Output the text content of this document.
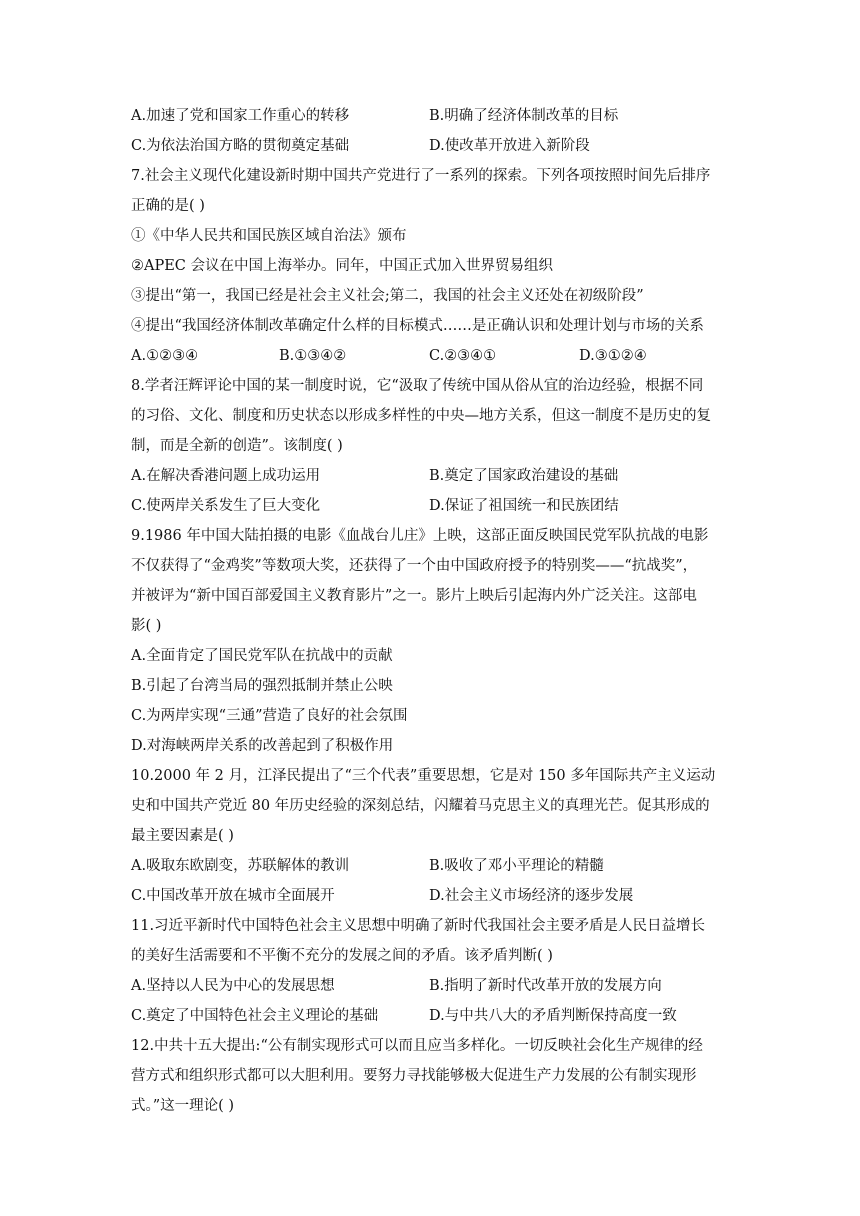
A.加速了党和国家工作重心的转移	B.明确了经济体制改革的目标
C.为依法治国方略的贯彻奠定基础	D.使改革开放进入新阶段
7.社会主义现代化建设新时期中国共产党进行了一系列的探索。下列各项按照时间先后排序
正确的是( )
①《中华人民共和国民族区域自治法》颁布
②APEC 会议在中国上海举办。同年，中国正式加入世界贸易组织
③提出“第一，我国已经是社会主义社会;第二，我国的社会主义还处在初级阶段”
④提出“我国经济体制改革确定什么样的目标模式……是正确认识和处理计划与市场的关系
A.①②③④	B.①③④②	C.②③④①	D.③①②④
8.学者汪辉评论中国的某一制度时说，它“汲取了传统中国从俗从宜的治边经验，根据不同
的习俗、文化、制度和历史状态以形成多样性的中央—地方关系，但这一制度不是历史的复
制，而是全新的创造”。该制度( )
A.在解决香港问题上成功运用	B.奠定了国家政治建设的基础
C.使两岸关系发生了巨大变化	D.保证了祖国统一和民族团结
9.1986 年中国大陆拍摄的电影《血战台儿庄》上映，这部正面反映国民党军队抗战的电影
不仅获得了“金鸡奖”等数项大奖，还获得了一个由中国政府授予的特别奖——“抗战奖”，
并被评为“新中国百部爱国主义教育影片”之一。影片上映后引起海内外广泛关注。这部电
影( )
A.全面肯定了国民党军队在抗战中的贡献
B.引起了台湾当局的强烈抵制并禁止公映
C.为两岸实现“三通”营造了良好的社会氛围
D.对海峡两岸关系的改善起到了积极作用
10.2000 年 2 月，江泽民提出了“三个代表”重要思想，它是对 150 多年国际共产主义运动
史和中国共产党近 80 年历史经验的深刻总结，闪耀着马克思主义的真理光芒。促其形成的
最主要因素是( )
A.吸取东欧剧变，苏联解体的教训	B.吸收了邓小平理论的精髓
C.中国改革开放在城市全面展开	D.社会主义市场经济的逐步发展
11.习近平新时代中国特色社会主义思想中明确了新时代我国社会主要矛盾是人民日益增长
的美好生活需要和不平衡不充分的发展之间的矛盾。该矛盾判断( )
A.坚持以人民为中心的发展思想	B.指明了新时代改革开放的发展方向
C.奠定了中国特色社会主义理论的基础	D.与中共八大的矛盾判断保持高度一致
12.中共十五大提出:“公有制实现形式可以而且应当多样化。一切反映社会化生产规律的经
营方式和组织形式都可以大胆利用。要努力寻找能够极大促进生产力发展的公有制实现形
式。”这一理论( )
